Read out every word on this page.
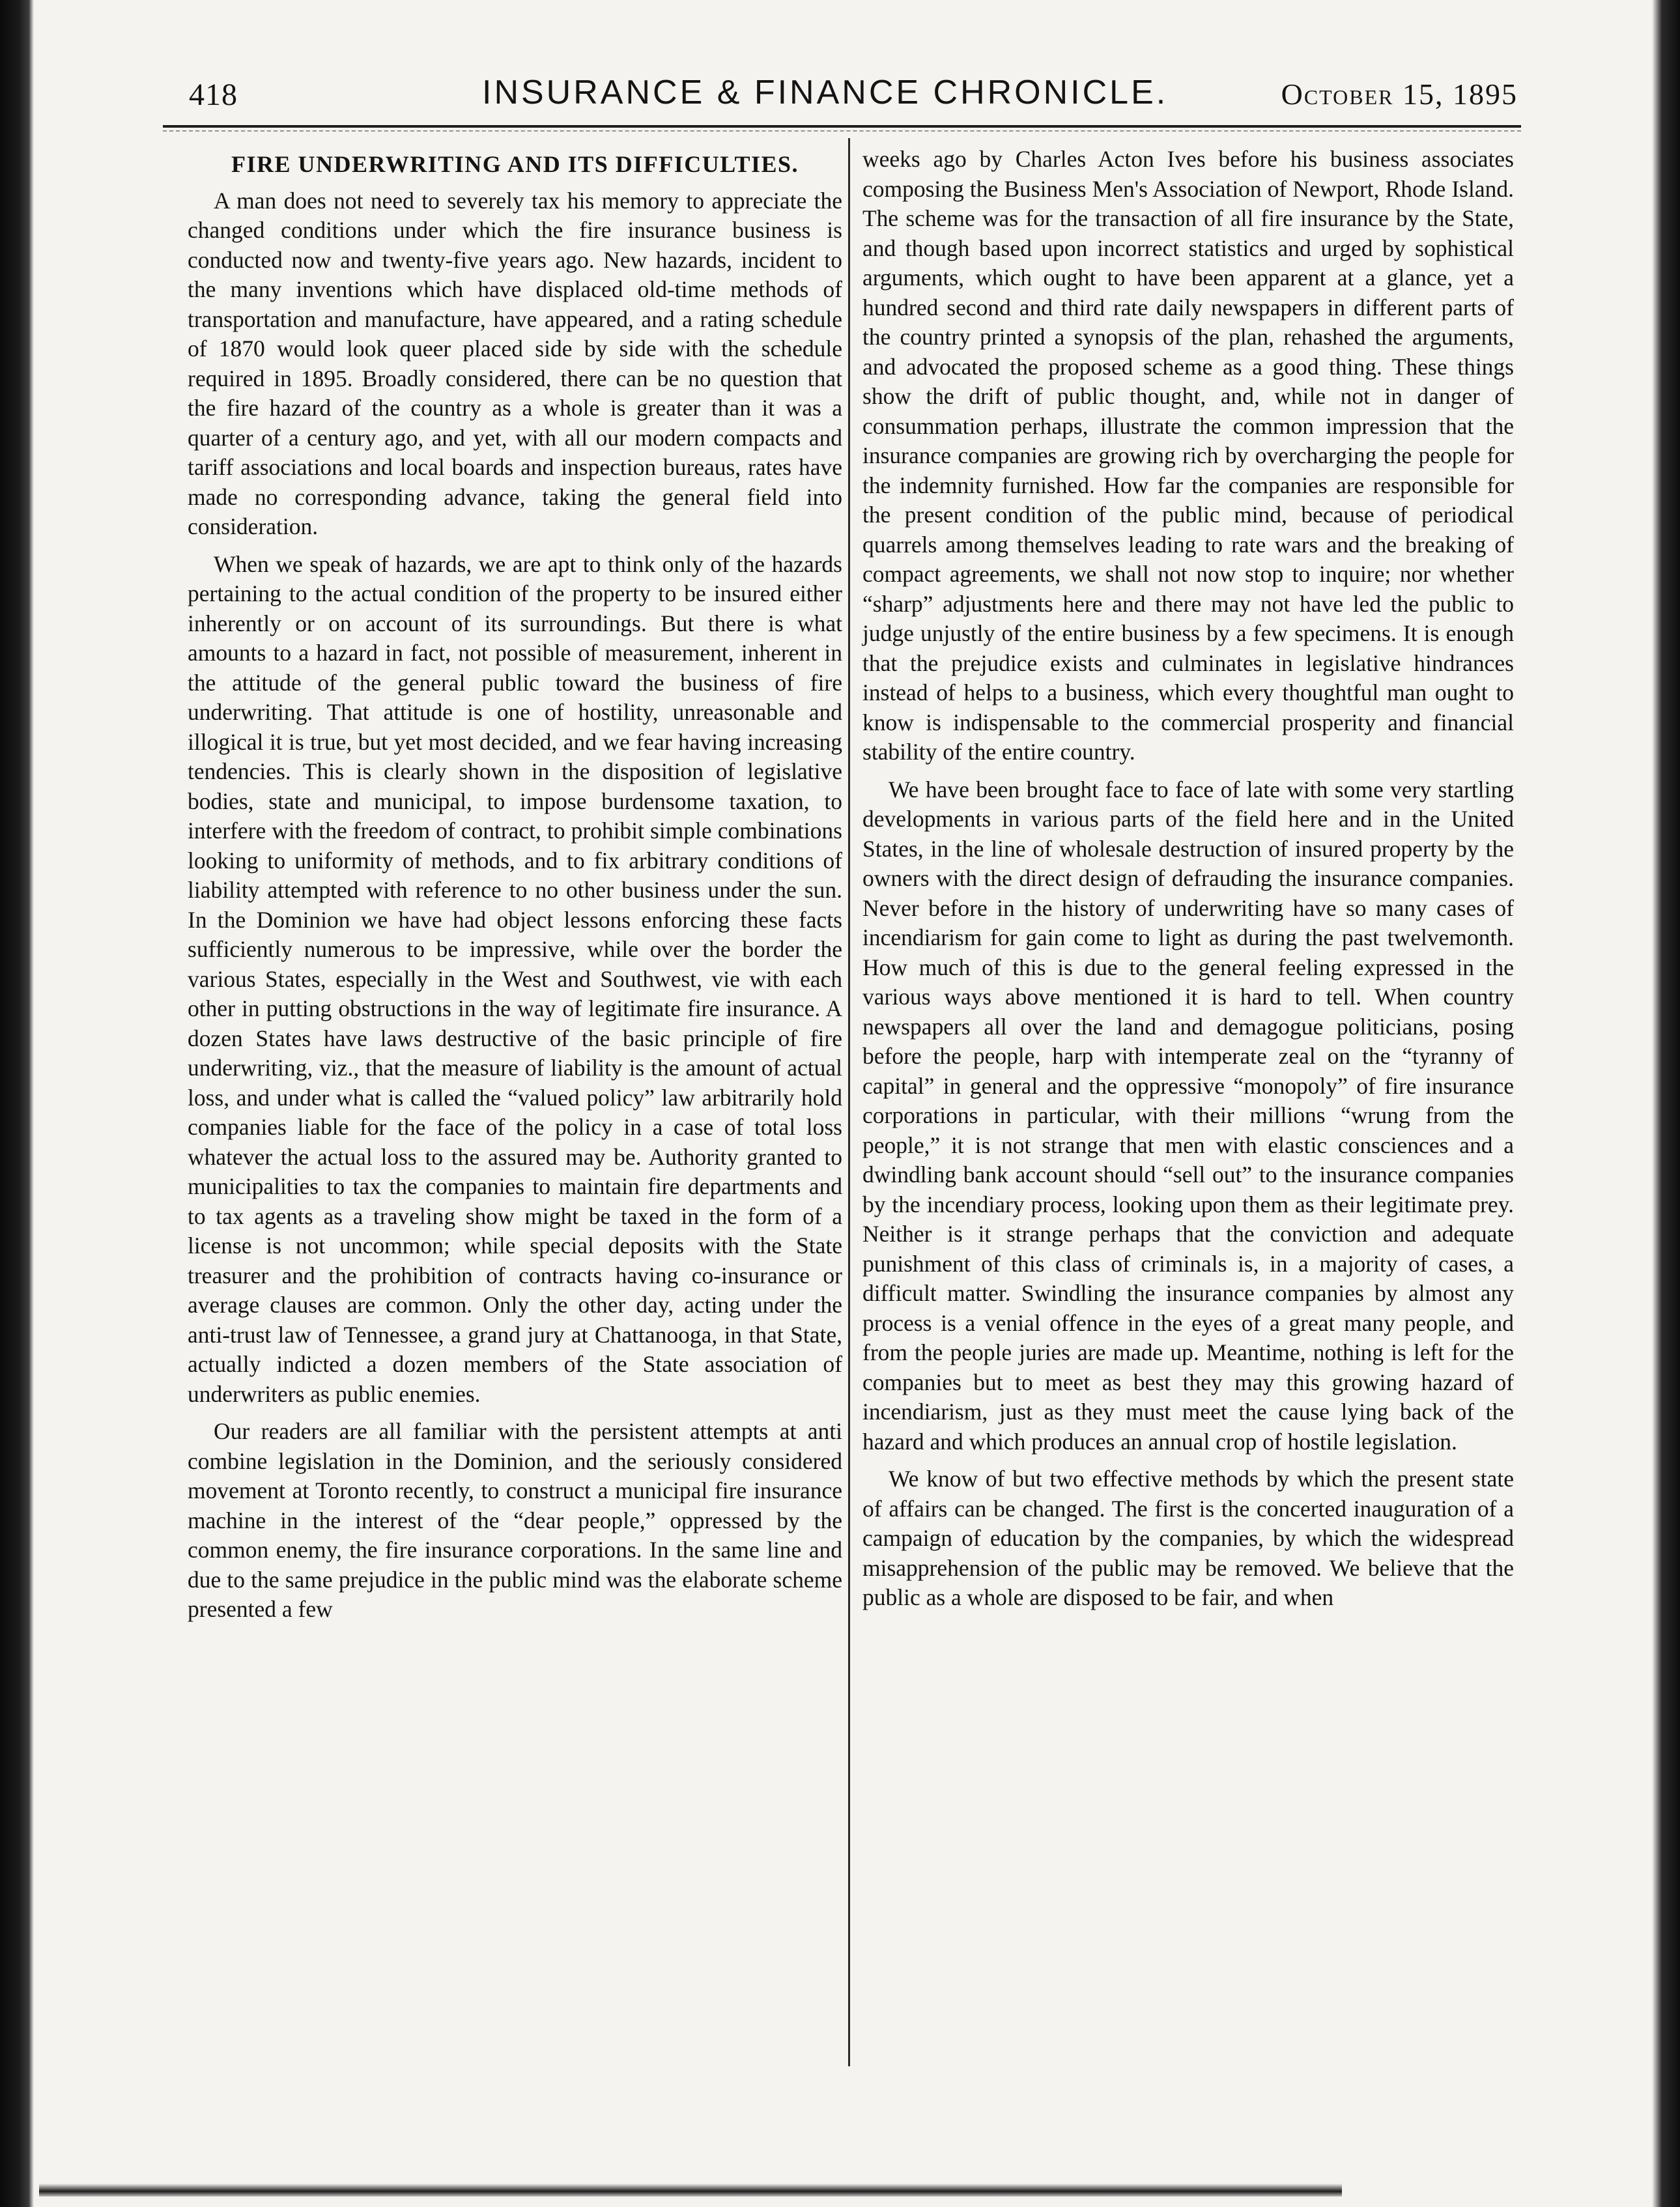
418	INSURANCE & FINANCE CHRONICLE.	October 15, 1895
FIRE UNDERWRITING AND ITS DIFFICULTIES.

A man does not need to severely tax his memory to appreciate the changed conditions under which the fire insurance business is conducted now and twenty-five years ago. New hazards, incident to the many inventions which have displaced old-time methods of transportation and manufacture, have appeared, and a rating schedule of 1870 would look queer placed side by side with the schedule required in 1895. Broadly considered, there can be no question that the fire hazard of the country as a whole is greater than it was a quarter of a century ago, and yet, with all our modern compacts and tariff associations and local boards and inspection bureaus, rates have made no corresponding advance, taking the general field into consideration.

When we speak of hazards, we are apt to think only of the hazards pertaining to the actual condition of the property to be insured either inherently or on account of its surroundings. But there is what amounts to a hazard in fact, not possible of measurement, inherent in the attitude of the general public toward the business of fire underwriting. That attitude is one of hostility, unreasonable and illogical it is true, but yet most decided, and we fear having increasing tendencies. This is clearly shown in the disposition of legislative bodies, state and municipal, to impose burdensome taxation, to interfere with the freedom of contract, to prohibit simple combinations looking to uniformity of methods, and to fix arbitrary conditions of liability attempted with reference to no other business under the sun. In the Dominion we have had object lessons enforcing these facts sufficiently numerous to be impressive, while over the border the various States, especially in the West and Southwest, vie with each other in putting obstructions in the way of legitimate fire insurance. A dozen States have laws destructive of the basic principle of fire underwriting, viz., that the measure of liability is the amount of actual loss, and under what is called the “valued policy” law arbitrarily hold companies liable for the face of the policy in a case of total loss whatever the actual loss to the assured may be. Authority granted to municipalities to tax the companies to maintain fire departments and to tax agents as a traveling show might be taxed in the form of a license is not uncommon; while special deposits with the State treasurer and the prohibition of contracts having co-insurance or average clauses are common. Only the other day, acting under the anti-trust law of Tennessee, a grand jury at Chattanooga, in that State, actually indicted a dozen members of the State association of underwriters as public enemies.

Our readers are all familiar with the persistent attempts at anti combine legislation in the Dominion, and the seriously considered movement at Toronto recently, to construct a municipal fire insurance machine in the interest of the “dear people,” oppressed by the common enemy, the fire insurance corporations. In the same line and due to the same prejudice in the public mind was the elaborate scheme presented a few

weeks ago by Charles Acton Ives before his business associates composing the Business Men's Association of Newport, Rhode Island. The scheme was for the transaction of all fire insurance by the State, and though based upon incorrect statistics and urged by sophistical arguments, which ought to have been apparent at a glance, yet a hundred second and third rate daily newspapers in different parts of the country printed a synopsis of the plan, rehashed the arguments, and advocated the proposed scheme as a good thing. These things show the drift of public thought, and, while not in danger of consummation perhaps, illustrate the common impression that the insurance companies are growing rich by overcharging the people for the indemnity furnished. How far the companies are responsible for the present condition of the public mind, because of periodical quarrels among themselves leading to rate wars and the breaking of compact agreements, we shall not now stop to inquire; nor whether “sharp” adjustments here and there may not have led the public to judge unjustly of the entire business by a few specimens. It is enough that the prejudice exists and culminates in legislative hindrances instead of helps to a business, which every thoughtful man ought to know is indispensable to the commercial prosperity and financial stability of the entire country.

We have been brought face to face of late with some very startling developments in various parts of the field here and in the United States, in the line of wholesale destruction of insured property by the owners with the direct design of defrauding the insurance companies. Never before in the history of underwriting have so many cases of incendiarism for gain come to light as during the past twelvemonth. How much of this is due to the general feeling expressed in the various ways above mentioned it is hard to tell. When country newspapers all over the land and demagogue politicians, posing before the people, harp with intemperate zeal on the “tyranny of capital” in general and the oppressive “monopoly” of fire insurance corporations in particular, with their millions “wrung from the people,” it is not strange that men with elastic consciences and a dwindling bank account should “sell out” to the insurance companies by the incendiary process, looking upon them as their legitimate prey. Neither is it strange perhaps that the conviction and adequate punishment of this class of criminals is, in a majority of cases, a difficult matter. Swindling the insurance companies by almost any process is a venial offence in the eyes of a great many people, and from the people juries are made up. Meantime, nothing is left for the companies but to meet as best they may this growing hazard of incendiarism, just as they must meet the cause lying back of the hazard and which produces an annual crop of hostile legislation.

We know of but two effective methods by which the present state of affairs can be changed. The first is the concerted inauguration of a campaign of education by the companies, by which the widespread misapprehension of the public may be removed. We believe that the public as a whole are disposed to be fair, and when
